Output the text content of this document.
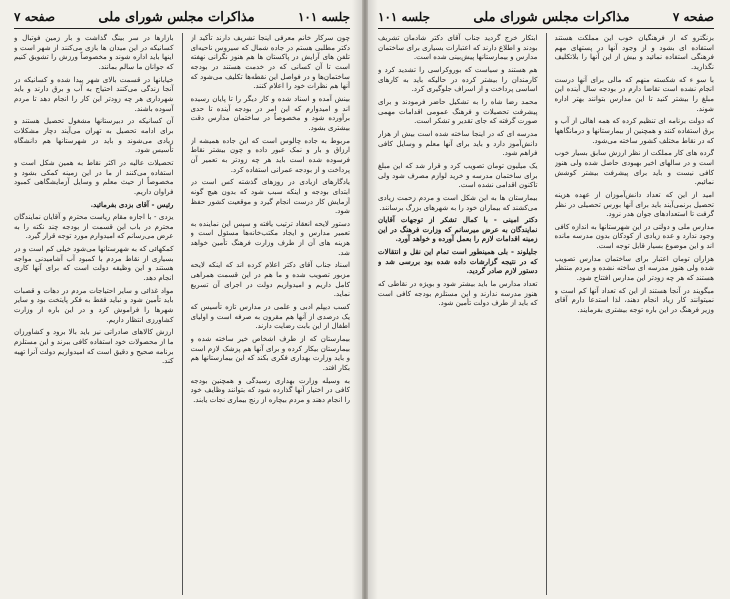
جلسه ۱۰۱
مذاکرات مجلس شورای ملی
صفحه ۷

چون سرکار خانم معرفی اینجا تشریف دارند تأکید از دکتر مطلبی هستم در جاده شمال که سیروس ناحیه‌ای تلفن های آرایش در پاکستان ها هم هنوز نگرانی نهفته است تا آن کسانی که در خدمت هستند در بودجه ساختمان‌ها و در فواصل این نقطه‌ها تکلیف می‌شود که آنها هم نظرات خود را اعلام کنند.

بینش آمده و اسناد شده و کار دیگر را تا پایان رسیده اند و امیدوارم که این امر در بودجه آینده تا حدی برآورده شود و مخصوصاً در ساختمان مدارس دقت بیشتری بشود.

مربوط به جاده چالوس است که این جاده همیشه از ارزاق و بار و نمک عبور داده و چون بیشتر نقاط فرسوده شده است باید هر چه زودتر به تعمیر آن پرداخت و از بودجه عمرانی استفاده کرد.

یادگارهای ازیادی در روزهای گذشته کس است در ابتدای بودجه و اینکه سبب شود که بدون هیچ گونه آزمایش کار درست انجام گیرد و موقعیت کشور حفظ شود.

دستور لایحه انعقاد ترتیب یافته و سپس این نماینده به تعمیر مدارس و ایجاد مکتب‌خانه‌ها مسئول است و هزینه های آن از طرف وزارت فرهنگ تأمین خواهد شد.

اسناد جناب آقای دکتر اعلام کرده اند که اینکه لایحه مزبور تصویب شده و ما هم در این قسمت همراهی کامل داریم و امیدواریم دولت در اجرای آن تسریع نماید.

کسب دیپلم ادبی و علمی در مدارس تازه تأسیس که یک درصدی از آنها هم مقرون به صرفه است و اولیای اطفال از این بابت رضایت دارند.

بیمارستان که از طرف اشخاص خیر ساخته شده و بیمارستان بیکار کرده و برای آنها هم پزشک لازم است و باید وزارت بهداری فکری بکند که این بیمارستانها هم بکار افتد.

به وسیله وزارت بهداری رسیدگی و همچنین بودجه کافی در اختیار آنها گذارده شود که بتوانند وظایف خود را انجام دهند و مردم بیچاره از رنج بیماری نجات یابند.

بازارها در سر بینگ گذاشت و بار زمین فوتبال و کسانیکه در این میدان ها بازی می‌کنند از شهر است و اینها باید اداره شوند و مخصوصاً ورزش را تشویق کنیم که جوانان ما سالم بمانند.

خیابانها در قسمت بالای شهر پیدا شده و کسانیکه در آنجا زندگی می‌کنند احتیاج به آب و برق دارند و باید شهرداری هر چه زودتر این کار را انجام دهد تا مردم آسوده باشند.

آن کسانیکه در دبیرستانها مشغول تحصیل هستند و برای ادامه تحصیل به تهران می‌آیند دچار مشکلات زیادی می‌شوند و باید در شهرستانها هم دانشگاه تأسیس شود.

تحصیلات عالیه در اکثر نقاط به همین شکل است و استفاده می‌کنند از ما در این زمینه کمکی بشود و مخصوصاً از حیث معلم و وسایل آزمایشگاهی کمبود فراوان داریم.

رئیس - آقای بزدی بفرمائید.

یزدی - با اجازه مقام ریاست محترم و آقایان نمایندگان محترم در باب این قسمت از بودجه چند نکته را به عرض می‌رسانم که امیدوارم مورد توجه قرار گیرد.

کمکهائی که به شهرستانها می‌شود خیلی کم است و در بسیاری از نقاط مردم با کمبود آب آشامیدنی مواجه هستند و این وظیفه دولت است که برای آنها کاری انجام دهد.

مواد غذائی و سایر احتیاجات مردم در دهات و قصبات باید تأمین شود و نباید فقط به فکر پایتخت بود و سایر شهرها را فراموش کرد و در این باره از وزارت کشاورزی انتظار داریم.

ارزش کالاهای صادراتی نیز باید بالا برود و کشاورزان ما از محصولات خود استفاده کافی ببرند و این مستلزم برنامه صحیح و دقیق است که امیدواریم دولت آنرا تهیه کند.

صفحه ۷
مذاکرات مجلس شورای ملی
جلسه ۱۰۱

بزنگترو که از فرهنگیان خوب این مملکت هستند استفاده ای بشود و از وجود آنها در پستهای مهم فرهنگی استفاده نمائید و بیش از این آنها را بلاتکلیف نگذارید.

با سو ء که شکسته منهم که مالی برای آنها درست انجام نشده است تقاضا دارم در بودجه سال آینده این مبلغ را بیشتر کنید تا این مدارس بتوانند بهتر اداره شوند.

که دولت برنامه ای تنظیم کرده که همه اهالی از آب و برق استفاده کنند و همچنین از بیمارستانها و درمانگاهها که در نقاط مختلف کشور ساخته می‌شود.

گرده های کار مملکت از نظر ارزش سابق بسیار خوب است و در سالهای اخیر بهبودی حاصل شده ولی هنوز کافی نیست و باید برای پیشرفت بیشتر کوشش نمائیم.

امید از این که تعداد دانش‌آموزان از عهده هزینه تحصیل برنمی‌آیند باید برای آنها بورس تحصیلی در نظر گرفت تا استعدادهای جوان هدر نرود.

مدارس ملی و دولتی در این شهرستانها به اندازه کافی وجود ندارد و عده زیادی از کودکان بدون مدرسه مانده اند و این موضوع بسیار قابل توجه است.

هزاران تومان اعتبار برای ساختمان مدارس تصویب شده ولی هنوز مدرسه ای ساخته نشده و مردم منتظر هستند که هر چه زودتر این مدارس افتتاح شود.

میگویند در آنجا هستند از این که تعداد آنها کم است و نمیتوانند کار زیاد انجام دهند، لذا استدعا دارم آقای وزیر فرهنگ در این باره توجه بیشتری بفرمایند.

ابتکار خرج گردید جناب آقای دکتر شادمان تشریف بودند و اطلاع دارند که اعتبارات بسیاری برای ساختمان مدارس و بیمارستانها پیش‌بینی شده است.

هم هستند و سیاست که بوروکراسی را تشدید کرد و کارمندان را بیشتر کرده در حالیکه باید به کارهای اساسی پرداخت و از اسراف جلوگیری کرد.

محمد رضا شاه را به تشکیل حاضر فرمودند و برای پیشرفت تحصیلات و فرهنگ عمومی اقدامات مهمی صورت گرفته که جای تقدیر و تشکر است.

مدرسه ای که در اینجا ساخته شده است بیش از هزار دانش‌آموز دارد و باید برای آنها معلم و وسایل کافی فراهم شود.

یک میلیون تومان تصویب کرد و قرار شد که این مبلغ برای ساختمان مدرسه و خرید لوازم مصرف شود ولی تاکنون اقدامی نشده است.

بیمارستان ها به این شکل است و مردم زحمت زیادی می‌کشند که بیماران خود را به شهرهای بزرگ برسانند.

دکتر امینی - با کمال تشکر از توجهات آقایان نمایندگان به عرض میرسانم که وزارت فرهنگ در این زمینه اقدامات لازم را بعمل آورده و خواهد آورد.

جلیلوند - بلی همینطور است تمام این نقل و انتقالات که در نتیجه گزارشات داده شده بود بررسی شد و دستور لازم صادر گردید.

تعداد مدارس ما باید بیشتر شود و بویژه در نقاطی که هنوز مدرسه ندارند و این مستلزم بودجه کافی است که باید از طرف دولت تأمین شود.
